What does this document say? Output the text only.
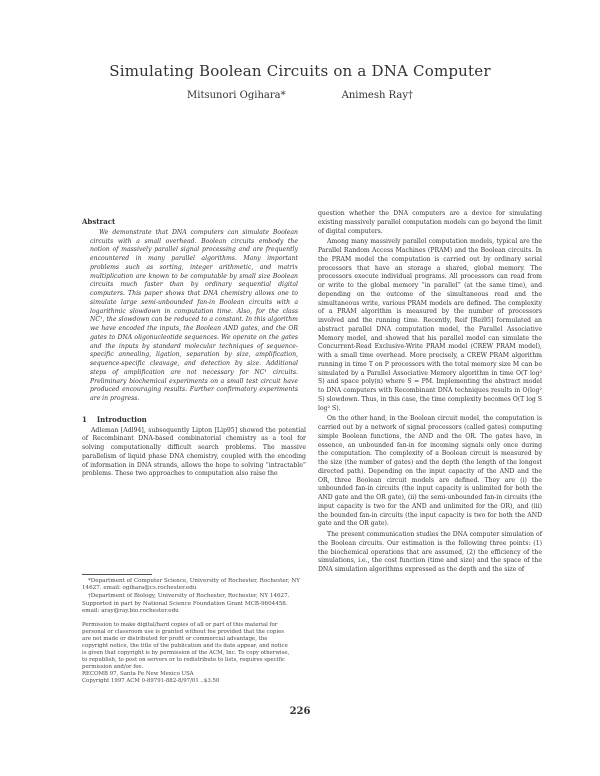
Simulating Boolean Circuits on a DNA Computer
Mitsunori Ogihara*	Animesh Ray†

Abstract

We demonstrate that DNA computers can simulate Boolean circuits with a small overhead. Boolean circuits embody the notion of massively parallel signal processing and are frequently encountered in many parallel algorithms. Many important problems such as sorting, integer arithmetic, and matrix multiplication are known to be computable by small size Boolean circuits much faster than by ordinary sequential digital computers. This paper shows that DNA chemistry allows one to simulate large semi-unbounded fan-in Boolean circuits with a logarithmic slowdown in computation time. Also, for the class NC¹, the slowdown can be reduced to a constant. In this algorithm we have encoded the inputs, the Boolean AND gates, and the OR gates to DNA oligonucleotide sequences. We operate on the gates and the inputs by standard molecular techniques of sequence-specific annealing, ligation, separation by size, amplification, sequence-specific cleavage, and detection by size. Additional steps of amplification are not necessary for NC¹ circuits. Preliminary biochemical experiments on a small test circuit have produced encouraging results. Further confirmatory experiments are in progress.

1 Introduction

Adleman [Adl94], subsequently Lipton [Lip95] showed the potential of Recombinant DNA-based combinatorial chemistry as a tool for solving computationally difficult search problems. The massive parallelism of liquid phase DNA chemistry, coupled with the encoding of information in DNA strands, allows the hope to solving “intractable” problems. These two approaches to computation also raise the

*Department of Computer Science, University of Rochester, Rochester, NY 14627. email: ogihara@cs.rochester.edu

†Department of Biology, University of Rochester, Rochester, NY 14627. Supported in part by National Science Foundation Grant MCB-9604458. email: aray@ray.bio.rochester.edu

Permission to make digital/hard copies of all or part of this material for personal or classroom use is granted without fee provided that the copies are not made or distributed for profit or commercial advantage, the copyright notice, the title of the publication and its date appear, and notice is given that copyright is by permission of the ACM, Inc. To copy otherwise, to republish, to post on servers or to redistribute to lists, requires specific permission and/or fee.

RECOMB 97, Santa Fe New Mexico USA

Copyright 1997 ACM 0-89791-882-8/97/01 ..$3.50

question whether the DNA computers are a device for simulating existing massively parallel computation models can go beyond the limit of digital computers.

Among many massively parallel computation models, typical are the Parallel Random Access Machines (PRAM) and the Boolean circuits. In the PRAM model the computation is carried out by ordinary serial processors that have an storage a shared, global memory. The processors execute individual programs. All processors can read from or write to the global memory “in parallel” (at the same time), and depending on the outcome of the simultaneous read and the simultaneous write, various PRAM models are defined. The complexity of a PRAM algorithm is measured by the number of processors involved and the running time. Recently, Reif [Rei95] formulated an abstract parallel DNA computation model, the Parallel Associative Memory model, and showed that his parallel model can simulate the Concurrent-Read Exclusive-Write PRAM model (CREW PRAM model), with a small time overhead. More precisely, a CREW PRAM algorithm running in time T on P processors with the total memory size M can be simulated by a Parallel Associative Memory algorithm in time O(T log² S) and space poly(n) where S = PM. Implementing the abstract model to DNA computers with Recombinant DNA techniques results in O(log² S) slowdown. Thus, in this case, the time complexity becomes O(T log S log² S).

On the other hand, in the Boolean circuit model, the computation is carried out by a network of signal processors (called gates) computing simple Boolean functions, the AND and the OR. The gates have, in essence, an unbounded fan-in for incoming signals only once during the computation. The complexity of a Boolean circuit is measured by the size (the number of gates) and the depth (the length of the longest directed path). Depending on the input capacity of the AND and the OR, three Boolean circuit models are defined. They are (i) the unbounded fan-in circuits (the input capacity is unlimited for both the AND gate and the OR gate), (ii) the semi-unbounded fan-in circuits (the input capacity is two for the AND and unlimited for the OR), and (iii) the bounded fan-in circuits (the input capacity is two for both the AND gate and the OR gate).

The present communication studies the DNA computer simulation of the Boolean circuits. Our estimation is the following three points: (1) the biochemical operations that are assumed, (2) the efficiency of the simulations, i.e., the cost function (time and size) and the space of the DNA simulation algorithms expressed as the depth and the size of

226
